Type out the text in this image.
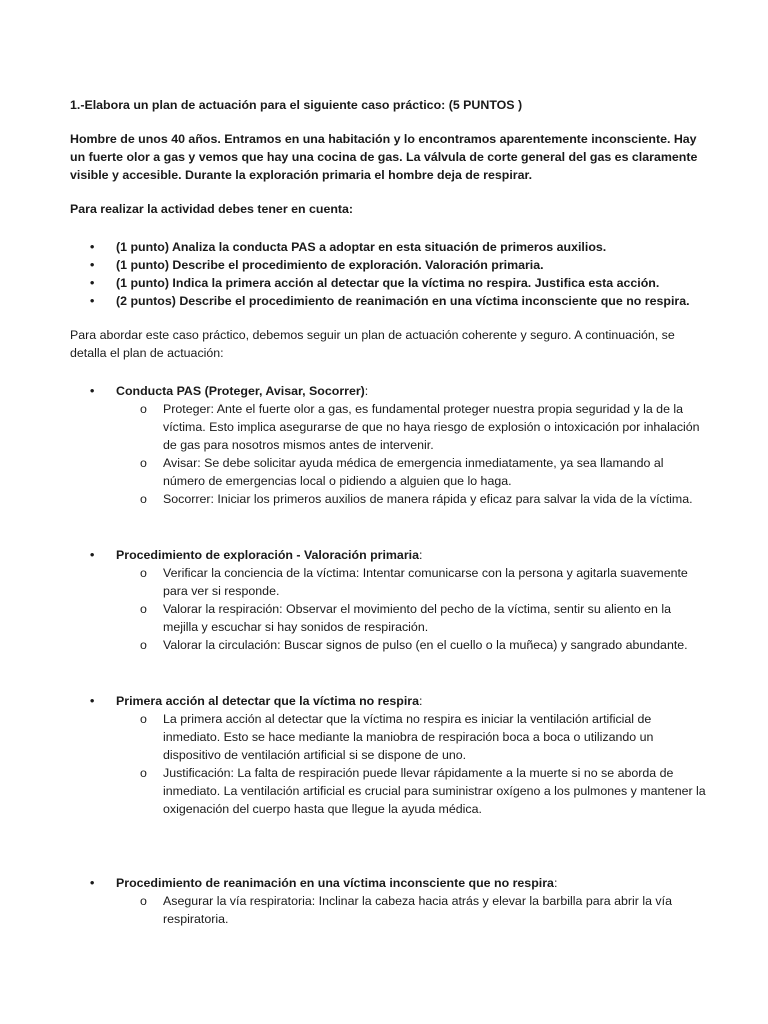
1.-Elabora un plan de actuación para el siguiente caso práctico: (5 PUNTOS )

Hombre de unos 40 años. Entramos en una habitación y lo encontramos aparentemente inconsciente. Hay un fuerte olor a gas y vemos que hay una cocina de gas. La válvula de corte general del gas es claramente visible y accesible. Durante la exploración primaria el hombre deja de respirar.

Para realizar la actividad debes tener en cuenta:

• (1 punto) Analiza la conducta PAS a adoptar en esta situación de primeros auxilios.
• (1 punto) Describe el procedimiento de exploración. Valoración primaria.
• (1 punto) Indica la primera acción al detectar que la víctima no respira. Justifica esta acción.
• (2 puntos) Describe el procedimiento de reanimación en una víctima inconsciente que no respira.

Para abordar este caso práctico, debemos seguir un plan de actuación coherente y seguro. A continuación, se detalla el plan de actuación:

• Conducta PAS (Proteger, Avisar, Socorrer):
o Proteger: Ante el fuerte olor a gas, es fundamental proteger nuestra propia seguridad y la de la víctima. Esto implica asegurarse de que no haya riesgo de explosión o intoxicación por inhalación de gas para nosotros mismos antes de intervenir.
o Avisar: Se debe solicitar ayuda médica de emergencia inmediatamente, ya sea llamando al número de emergencias local o pidiendo a alguien que lo haga.
o Socorrer: Iniciar los primeros auxilios de manera rápida y eficaz para salvar la vida de la víctima.
• Procedimiento de exploración - Valoración primaria:
o Verificar la conciencia de la víctima: Intentar comunicarse con la persona y agitarla suavemente para ver si responde.
o Valorar la respiración: Observar el movimiento del pecho de la víctima, sentir su aliento en la mejilla y escuchar si hay sonidos de respiración.
o Valorar la circulación: Buscar signos de pulso (en el cuello o la muñeca) y sangrado abundante.
• Primera acción al detectar que la víctima no respira:
o La primera acción al detectar que la víctima no respira es iniciar la ventilación artificial de inmediato. Esto se hace mediante la maniobra de respiración boca a boca o utilizando un dispositivo de ventilación artificial si se dispone de uno.
o Justificación: La falta de respiración puede llevar rápidamente a la muerte si no se aborda de inmediato. La ventilación artificial es crucial para suministrar oxígeno a los pulmones y mantener la oxigenación del cuerpo hasta que llegue la ayuda médica.
• Procedimiento de reanimación en una víctima inconsciente que no respira:
o Asegurar la vía respiratoria: Inclinar la cabeza hacia atrás y elevar la barbilla para abrir la vía respiratoria.
